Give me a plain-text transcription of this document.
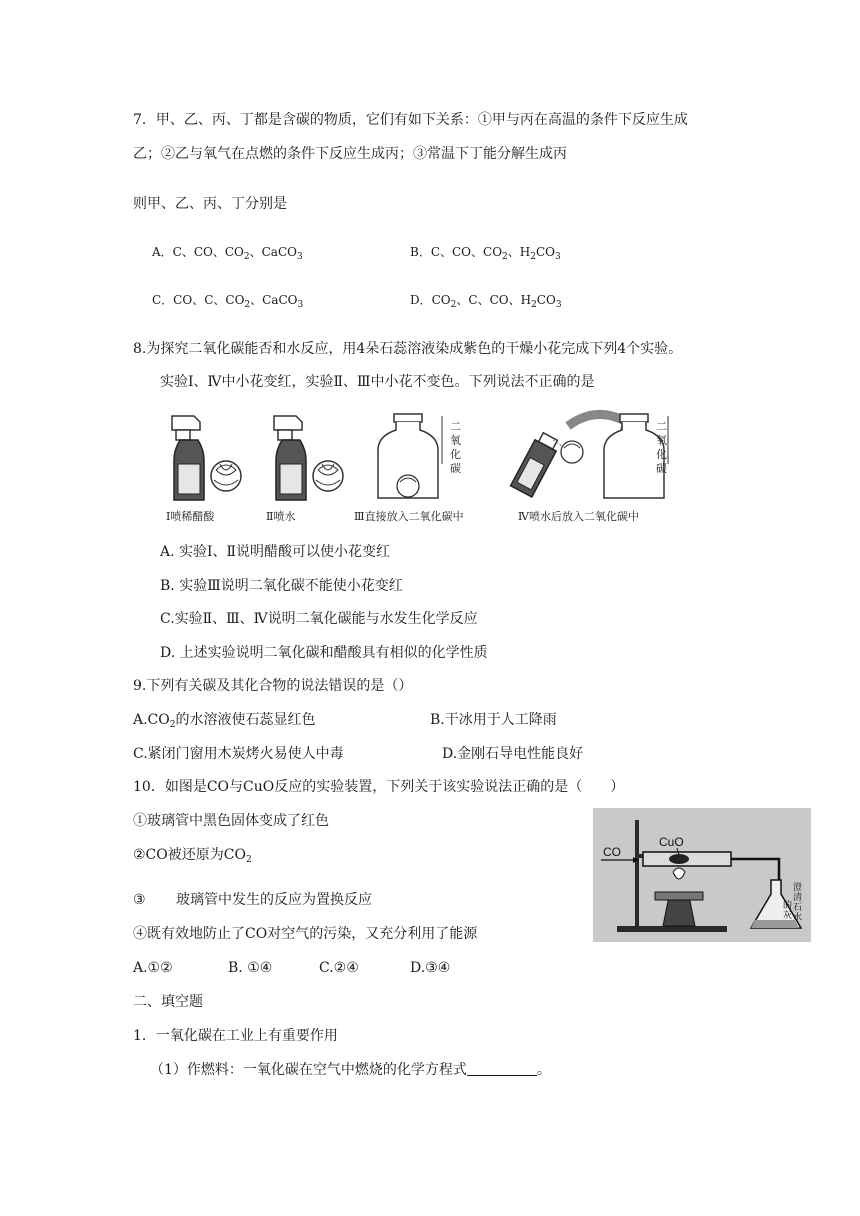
7．甲、乙、丙、丁都是含碳的物质，它们有如下关系：①甲与丙在高温的条件下反应生成
乙；②乙与氧气在点燃的条件下反应生成丙；③常温下丁能分解生成丙
则甲、乙、丙、丁分别是
A．C、CO、$CO_2$、CaCO$_3$	B．C、CO、$CO_2$、$H_2CO_3$
C．CO、C、$CO_2$、CaCO$_3$	D．$CO_2$、C、CO、$H_2CO_3$
8.为探究二氧化碳能否和水反应，用4朵石蕊溶液染成紫色的干燥小花完成下列4个实验。
实验Ⅰ、Ⅳ中小花变红，实验Ⅱ、Ⅲ中小花不变色。下列说法不正确的是
Ⅰ喷稀醋酸	Ⅱ喷水
二
氧
化
碳
Ⅲ直接放入二氧化碳中
二
氧
化
碳
Ⅳ喷水后放入二氧化碳中
A. 实验Ⅰ、Ⅱ说明醋酸可以使小花变红
B. 实验Ⅲ说明二氧化碳不能使小花变红
C.实验Ⅱ、Ⅲ、Ⅳ说明二氧化碳能与水发生化学反应
D. 上述实验说明二氧化碳和醋酸具有相似的化学性质
9.下列有关碳及其化合物的说法错误的是（）
$A.CO_2$的水溶液使石蕊显红色	B.干冰用于人工降雨
C.紧闭门窗用木炭烤火易使人中毒	D.金刚石导电性能良好
10．如图是CO与CuO反应的实验装置，下列关于该实验说法正确的是（　　）
①玻璃管中黑色固体变成了红色
②CO被还原为$CO_2$
③ 玻璃管中发生的反应为置换反应
④既有效地防止了CO对空气的污染，又充分利用了能源
CO
CuO
澄
清
的 石
灰 水
A.①②	B. ①④	C.②④	D.③④
二、填空题
1．一氧化碳在工业上有重要作用
（1）作燃料：一氧化碳在空气中燃烧的化学方程式	。
